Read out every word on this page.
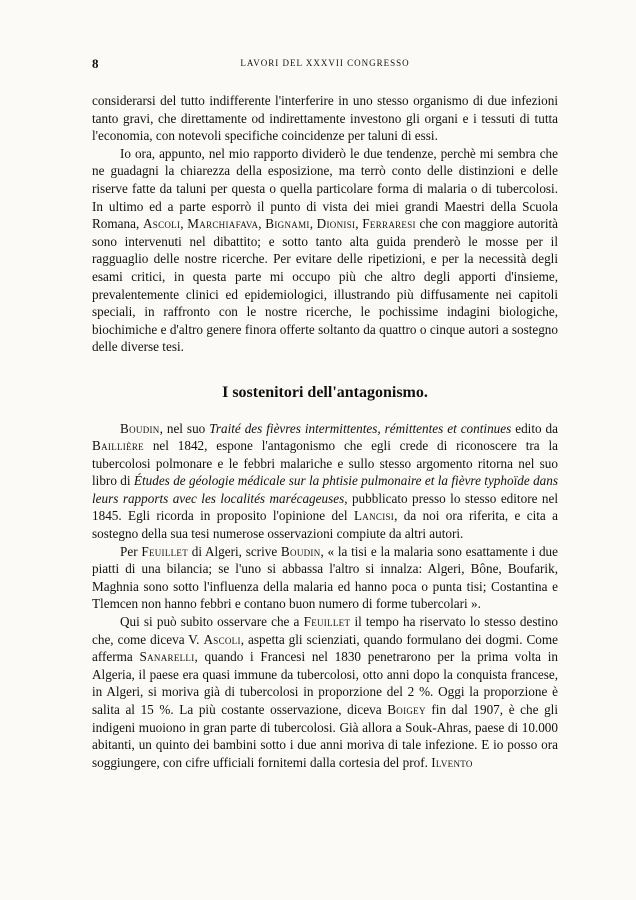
8	LAVORI DEL XXXVII CONGRESSO

considerarsi del tutto indifferente l'interferire in uno stesso organismo di due infezioni tanto gravi, che direttamente od indirettamente investono gli organi e i tessuti di tutta l'economia, con notevoli specifiche coincidenze per taluni di essi.

Io ora, appunto, nel mio rapporto dividerò le due tendenze, perchè mi sembra che ne guadagni la chiarezza della esposizione, ma terrò conto delle distinzioni e delle riserve fatte da taluni per questa o quella particolare forma di malaria o di tubercolosi. In ultimo ed a parte esporrò il punto di vista dei miei grandi Maestri della Scuola Romana, Ascoli, Marchiafava, Bignami, Dionisi, Ferraresi che con maggiore autorità sono intervenuti nel dibattito; e sotto tanto alta guida prenderò le mosse per il ragguaglio delle nostre ricerche. Per evitare delle ripetizioni, e per la necessità degli esami critici, in questa parte mi occupo più che altro degli apporti d'insieme, prevalentemente clinici ed epidemiologici, illustrando più diffusamente nei capitoli speciali, in raffronto con le nostre ricerche, le pochissime indagini biologiche, biochimiche e d'altro genere finora offerte soltanto da quattro o cinque autori a sostegno delle diverse tesi.

I sostenitori dell'antagonismo.

Boudin, nel suo Traité des fièvres intermittentes, rémittentes et continues edito da Baillière nel 1842, espone l'antagonismo che egli crede di riconoscere tra la tubercolosi polmonare e le febbri malariche e sullo stesso argomento ritorna nel suo libro di Études de géologie médicale sur la phtisie pulmonaire et la fièvre typhoïde dans leurs rapports avec les localités marécageuses, pubblicato presso lo stesso editore nel 1845. Egli ricorda in proposito l'opinione del Lancisi, da noi ora riferita, e cita a sostegno della sua tesi numerose osservazioni compiute da altri autori.

Per Feuillet di Algeri, scrive Boudin, « la tisi e la malaria sono esattamente i due piatti di una bilancia; se l'uno si abbassa l'altro si innalza: Algeri, Bône, Boufarik, Maghnia sono sotto l'influenza della malaria ed hanno poca o punta tisi; Costantina e Tlemcen non hanno febbri e contano buon numero di forme tubercolari ».

Qui si può subito osservare che a Feuillet il tempo ha riservato lo stesso destino che, come diceva V. Ascoli, aspetta gli scienziati, quando formulano dei dogmi. Come afferma Sanarelli, quando i Francesi nel 1830 penetrarono per la prima volta in Algeria, il paese era quasi immune da tubercolosi, otto anni dopo la conquista francese, in Algeri, si moriva già di tubercolosi in proporzione del 2 %. Oggi la proporzione è salita al 15 %. La più costante osservazione, diceva Boigey fin dal 1907, è che gli indigeni muoiono in gran parte di tubercolosi. Già allora a Souk-Ahras, paese di 10.000 abitanti, un quinto dei bambini sotto i due anni moriva di tale infezione. E io posso ora soggiungere, con cifre ufficiali fornitemi dalla cortesia del prof. Ilvento
